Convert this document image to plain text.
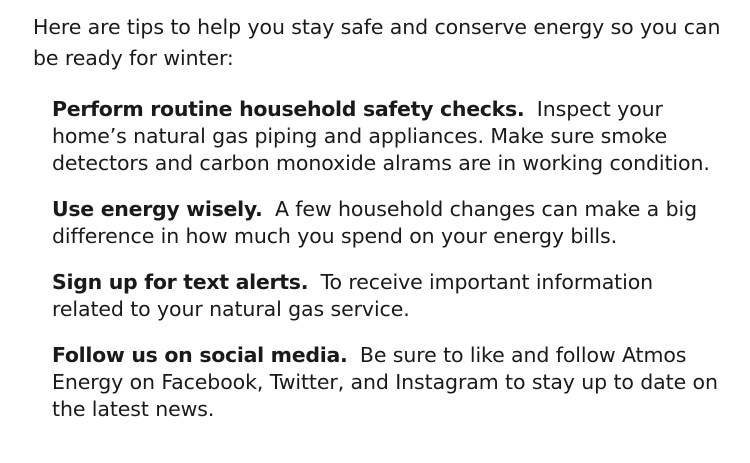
Here are tips to help you stay safe and conserve energy so you can be ready for winter:

Perform routine household safety checks. Inspect your home’s natural gas piping and appliances. Make sure smoke detectors and carbon monoxide alrams are in working condition.
Use energy wisely. A few household changes can make a big difference in how much you spend on your energy bills.
Sign up for text alerts. To receive important information related to your natural gas service.
Follow us on social media. Be sure to like and follow Atmos Energy on Facebook, Twitter, and Instagram to stay up to date on the latest news.
